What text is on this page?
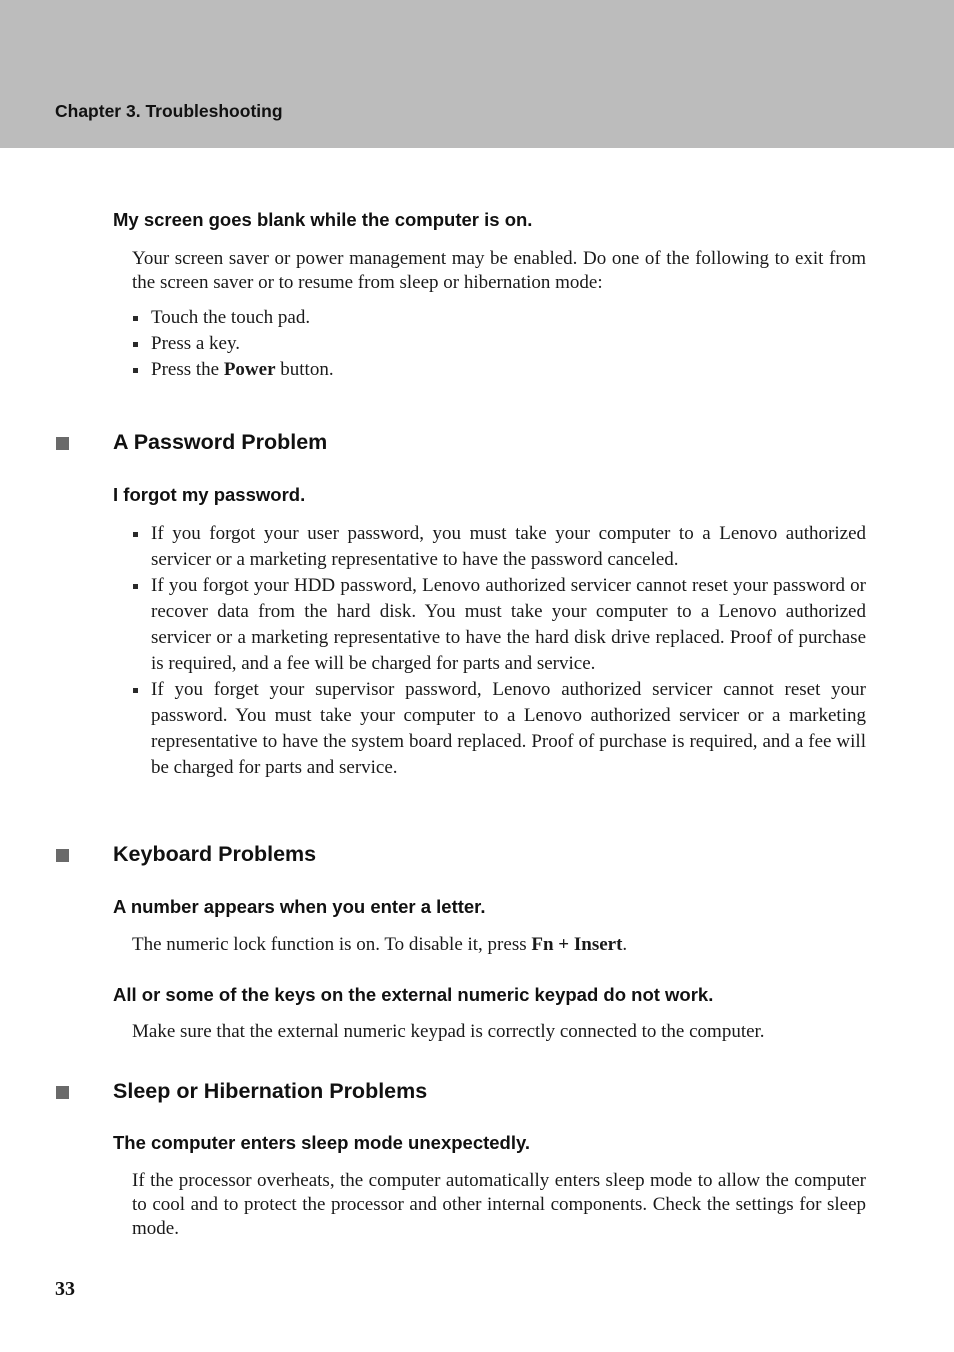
Chapter 3. Troubleshooting
My screen goes blank while the computer is on.
Your screen saver or power management may be enabled. Do one of the following to exit from the screen saver or to resume from sleep or hibernation mode:
Touch the touch pad.
Press a key.
Press the Power button.
A Password Problem
I forgot my password.
If you forgot your user password, you must take your computer to a Lenovo authorized servicer or a marketing representative to have the password canceled.
If you forgot your HDD password, Lenovo authorized servicer cannot reset your password or recover data from the hard disk. You must take your computer to a Lenovo authorized servicer or a marketing representative to have the hard disk drive replaced. Proof of purchase is required, and a fee will be charged for parts and service.
If you forget your supervisor password, Lenovo authorized servicer cannot reset your password. You must take your computer to a Lenovo authorized servicer or a marketing representative to have the system board replaced. Proof of purchase is required, and a fee will be charged for parts and service.
Keyboard Problems
A number appears when you enter a letter.
The numeric lock function is on. To disable it, press Fn + Insert.
All or some of the keys on the external numeric keypad do not work.
Make sure that the external numeric keypad is correctly connected to the computer.
Sleep or Hibernation Problems
The computer enters sleep mode unexpectedly.
If the processor overheats, the computer automatically enters sleep mode to allow the computer to cool and to protect the processor and other internal components. Check the settings for sleep mode.
33
